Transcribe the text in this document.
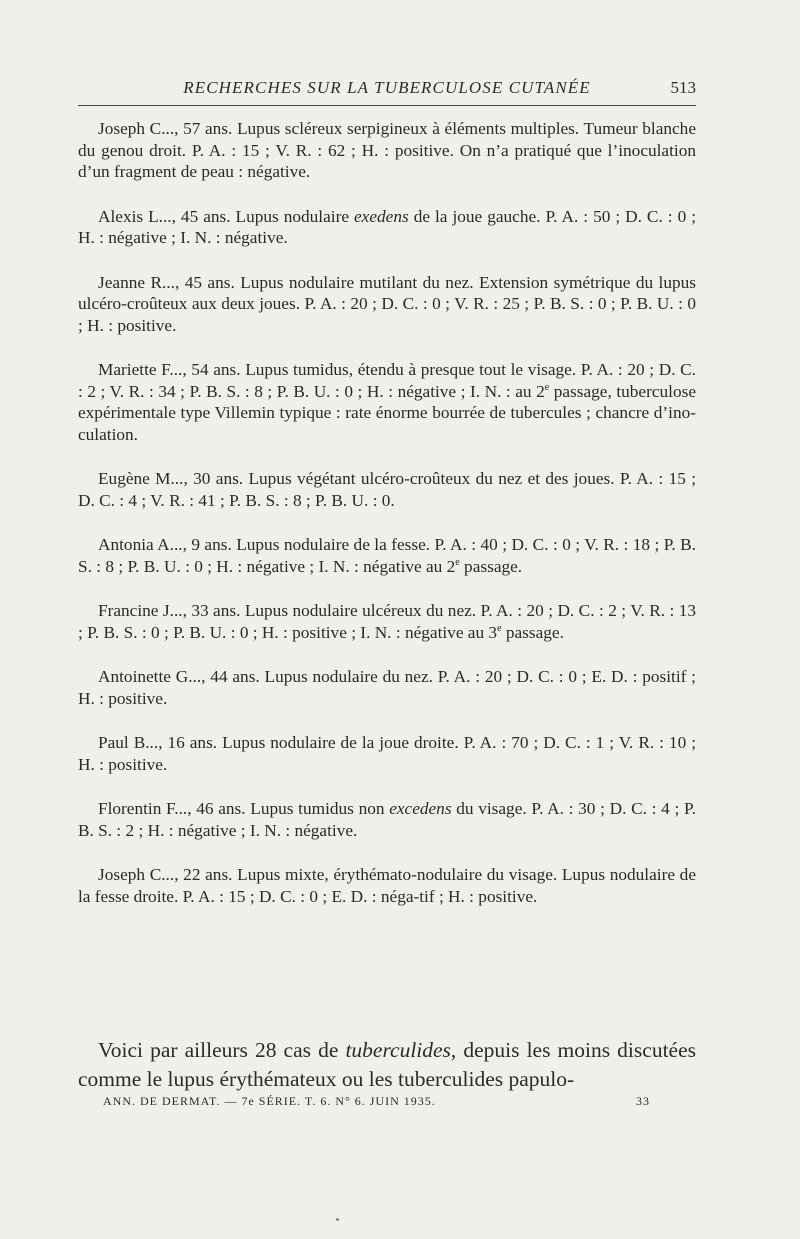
RECHERCHES SUR LA TUBERCULOSE CUTANÉE	513

Joseph C..., 57 ans. Lupus scléreux serpigineux à éléments multiples. Tumeur blanche du genou droit. P. A. : 15 ; V. R. : 62 ; H. : positive. On n’a pratiqué que l’inoculation d’un fragment de peau : négative.

Alexis L..., 45 ans. Lupus nodulaire exedens de la joue gauche. P. A. : 50 ; D. C. : 0 ; H. : négative ; I. N. : négative.

Jeanne R..., 45 ans. Lupus nodulaire mutilant du nez. Extension symétrique du lupus ulcéro-croûteux aux deux joues. P. A. : 20 ; D. C. : 0 ; V. R. : 25 ; P. B. S. : 0 ; P. B. U. : 0 ; H. : positive.

Mariette F..., 54 ans. Lupus tumidus, étendu à presque tout le visage. P. A. : 20 ; D. C. : 2 ; V. R. : 34 ; P. B. S. : 8 ; P. B. U. : 0 ; H. : négative ; I. N. : au 2e passage, tuberculose expérimentale type Villemin typique : rate énorme bourrée de tubercules ; chancre d’ino-culation.

Eugène M..., 30 ans. Lupus végétant ulcéro-croûteux du nez et des joues. P. A. : 15 ; D. C. : 4 ; V. R. : 41 ; P. B. S. : 8 ; P. B. U. : 0.

Antonia A..., 9 ans. Lupus nodulaire de la fesse. P. A. : 40 ; D. C. : 0 ; V. R. : 18 ; P. B. S. : 8 ; P. B. U. : 0 ; H. : négative ; I. N. : négative au 2e passage.

Francine J..., 33 ans. Lupus nodulaire ulcéreux du nez. P. A. : 20 ; D. C. : 2 ; V. R. : 13 ; P. B. S. : 0 ; P. B. U. : 0 ; H. : positive ; I. N. : négative au 3e passage.

Antoinette G..., 44 ans. Lupus nodulaire du nez. P. A. : 20 ; D. C. : 0 ; E. D. : positif ; H. : positive.

Paul B..., 16 ans. Lupus nodulaire de la joue droite. P. A. : 70 ; D. C. : 1 ; V. R. : 10 ; H. : positive.

Florentin F..., 46 ans. Lupus tumidus non excedens du visage. P. A. : 30 ; D. C. : 4 ; P. B. S. : 2 ; H. : négative ; I. N. : négative.

Joseph C..., 22 ans. Lupus mixte, érythémato-nodulaire du visage. Lupus nodulaire de la fesse droite. P. A. : 15 ; D. C. : 0 ; E. D. : néga-tif ; H. : positive.

Voici par ailleurs 28 cas de tuberculides, depuis les moins discutées comme le lupus érythémateux ou les tuberculides papulo-

ANN. DE DERMAT. — 7e SÉRIE. T. 6. N° 6. JUIN 1935.	33
